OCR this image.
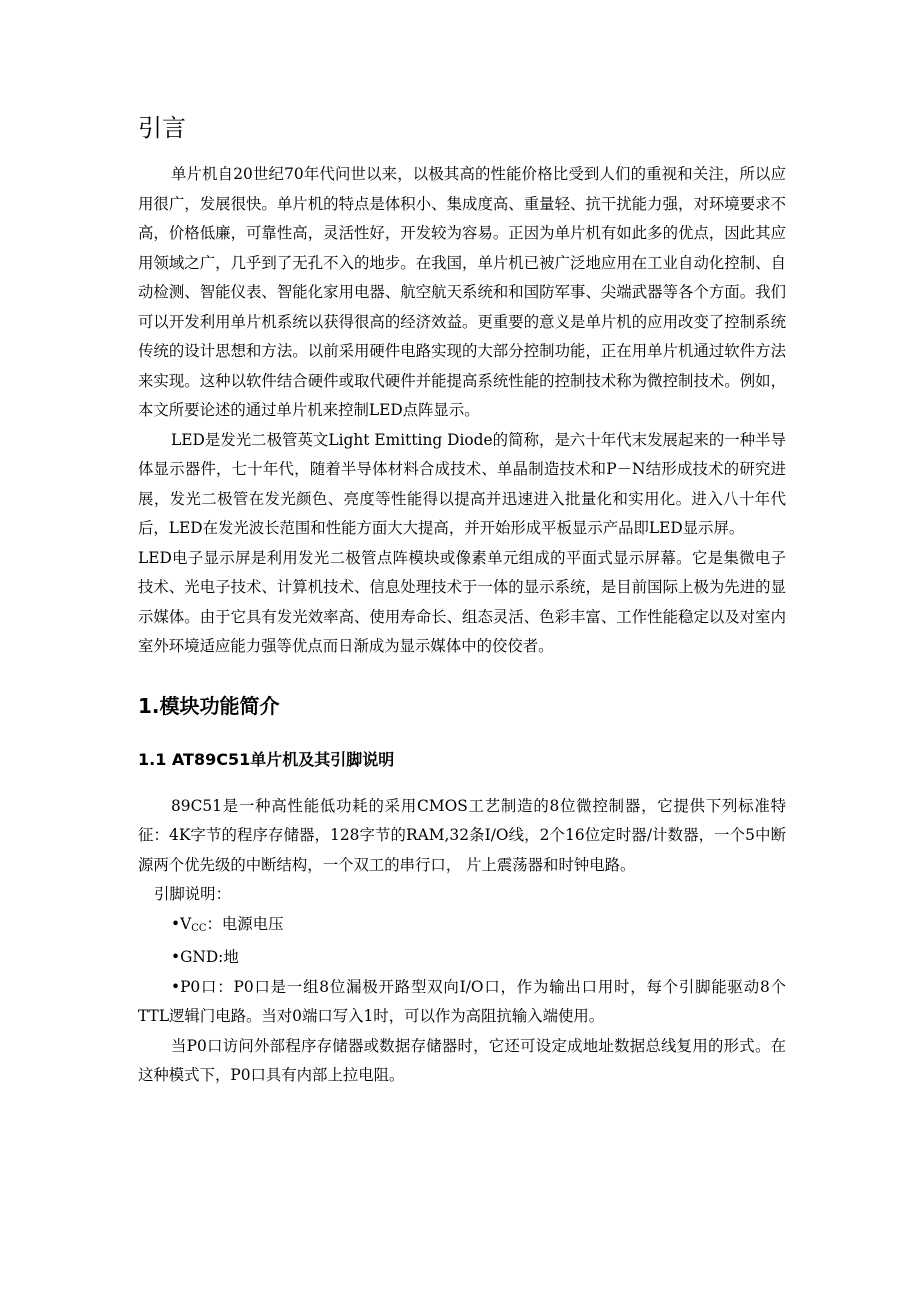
引言

单片机自20世纪70年代问世以来，以极其高的性能价格比受到人们的重视和关注，所以应用很广，发展很快。单片机的特点是体积小、集成度高、重量轻、抗干扰能力强，对环境要求不高，价格低廉，可靠性高，灵活性好，开发较为容易。正因为单片机有如此多的优点，因此其应用领域之广，几乎到了无孔不入的地步。在我国，单片机已被广泛地应用在工业自动化控制、自动检测、智能仪表、智能化家用电器、航空航天系统和和国防军事、尖端武器等各个方面。我们可以开发利用单片机系统以获得很高的经济效益。更重要的意义是单片机的应用改变了控制系统传统的设计思想和方法。以前采用硬件电路实现的大部分控制功能，正在用单片机通过软件方法来实现。这种以软件结合硬件或取代硬件并能提高系统性能的控制技术称为微控制技术。例如，本文所要论述的通过单片机来控制LED点阵显示。

LED是发光二极管英文Light Emitting Diode的简称，是六十年代末发展起来的一种半导体显示器件，七十年代，随着半导体材料合成技术、单晶制造技术和P－N结形成技术的研究进展，发光二极管在发光颜色、亮度等性能得以提高并迅速进入批量化和实用化。进入八十年代后，LED在发光波长范围和性能方面大大提高，并开始形成平板显示产品即LED显示屏。

LED电子显示屏是利用发光二极管点阵模块或像素单元组成的平面式显示屏幕。它是集微电子技术、光电子技术、计算机技术、信息处理技术于一体的显示系统，是目前国际上极为先进的显示媒体。由于它具有发光效率高、使用寿命长、组态灵活、色彩丰富、工作性能稳定以及对室内室外环境适应能力强等优点而日渐成为显示媒体中的佼佼者。

1.模块功能简介
1.1 AT89C51单片机及其引脚说明

89C51是一种高性能低功耗的采用CMOS工艺制造的8位微控制器，它提供下列标准特征：4K字节的程序存储器，128字节的RAM,32条I/O线，2个16位定时器/计数器，一个5中断源两个优先级的中断结构，一个双工的串行口， 片上震荡器和时钟电路。

引脚说明：

$•V_{CC}$：电源电压

•GND:地

•P0口：P0口是一组8位漏极开路型双向I/O口，作为输出口用时，每个引脚能驱动8个TTL逻辑门电路。当对0端口写入1时，可以作为高阻抗输入端使用。

当P0口访问外部程序存储器或数据存储器时，它还可设定成地址数据总线复用的形式。在这种模式下，P0口具有内部上拉电阻。
